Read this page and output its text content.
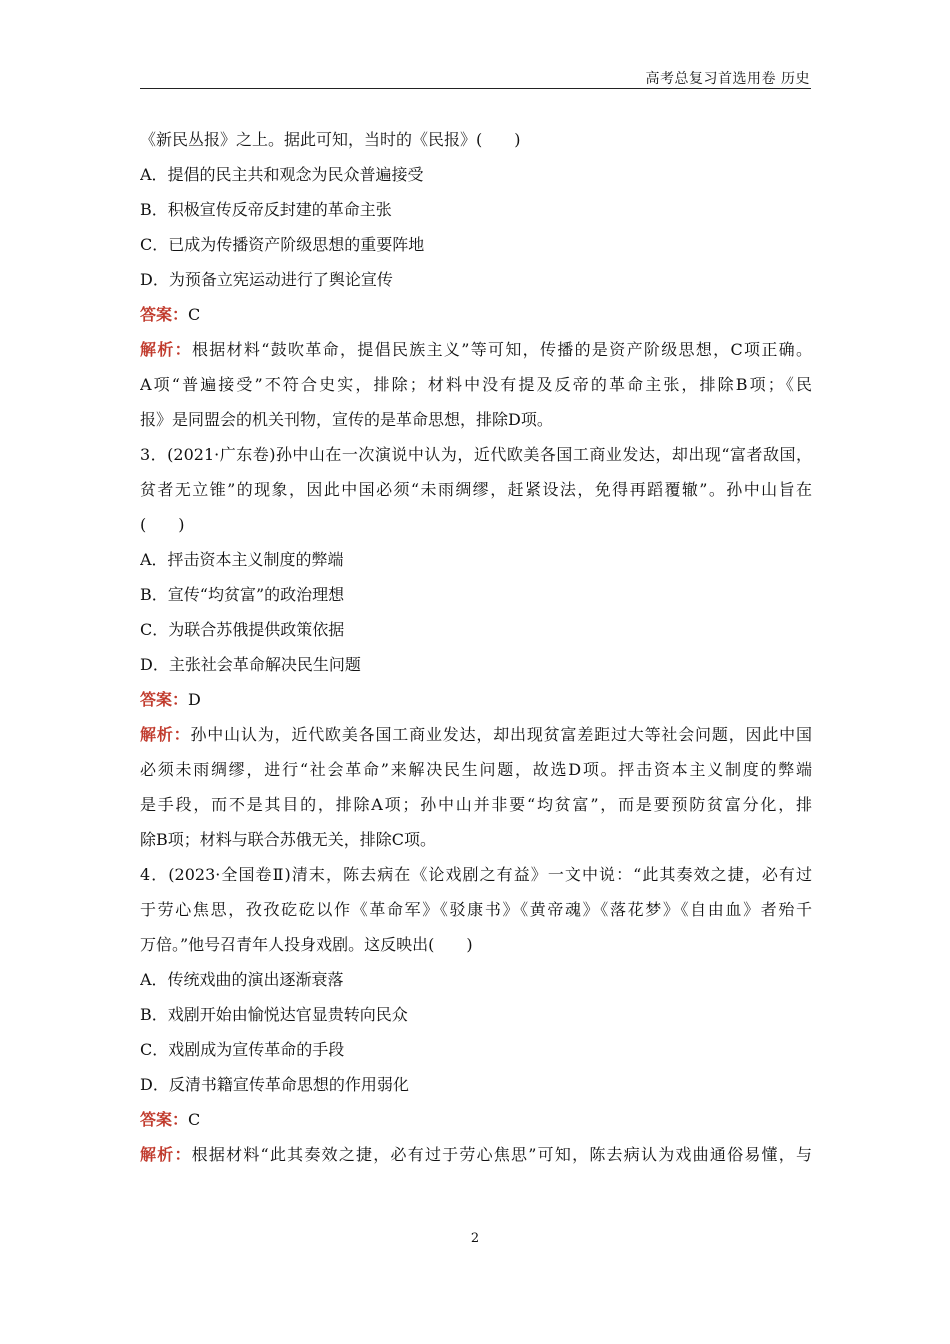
高考总复习首选用卷 历史
《新民丛报》之上。据此可知，当时的《民报》(　　)
A．提倡的民主共和观念为民众普遍接受
B．积极宣传反帝反封建的革命主张
C．已成为传播资产阶级思想的重要阵地
D．为预备立宪运动进行了舆论宣传
答案：C
解析：根据材料“鼓吹革命，提倡民族主义”等可知，传播的是资产阶级思想，C项正确。
A项“普遍接受”不符合史实，排除；材料中没有提及反帝的革命主张，排除B项；《民
报》是同盟会的机关刊物，宣传的是革命思想，排除D项。
3．(2021·广东卷)孙中山在一次演说中认为，近代欧美各国工商业发达，却出现“富者敌国，
贫者无立锥”的现象，因此中国必须“未雨绸缪，赶紧设法，免得再蹈覆辙”。孙中山旨在
(　　)
A．抨击资本主义制度的弊端
B．宣传“均贫富”的政治理想
C．为联合苏俄提供政策依据
D．主张社会革命解决民生问题
答案：D
解析：孙中山认为，近代欧美各国工商业发达，却出现贫富差距过大等社会问题，因此中国
必须未雨绸缪，进行“社会革命”来解决民生问题，故选D项。抨击资本主义制度的弊端
是手段，而不是其目的，排除A项；孙中山并非要“均贫富”，而是要预防贫富分化，排
除B项；材料与联合苏俄无关，排除C项。
4．(2023·全国卷Ⅱ)清末，陈去病在《论戏剧之有益》一文中说：“此其奏效之捷，必有过
于劳心焦思，孜孜矻矻以作《革命军》《驳康书》《黄帝魂》《落花梦》《自由血》者殆千
万倍。”他号召青年人投身戏剧。这反映出(　　)
A．传统戏曲的演出逐渐衰落
B．戏剧开始由愉悦达官显贵转向民众
C．戏剧成为宣传革命的手段
D．反清书籍宣传革命思想的作用弱化
答案：C
解析：根据材料“此其奏效之捷，必有过于劳心焦思”可知，陈去病认为戏曲通俗易懂，与
2
